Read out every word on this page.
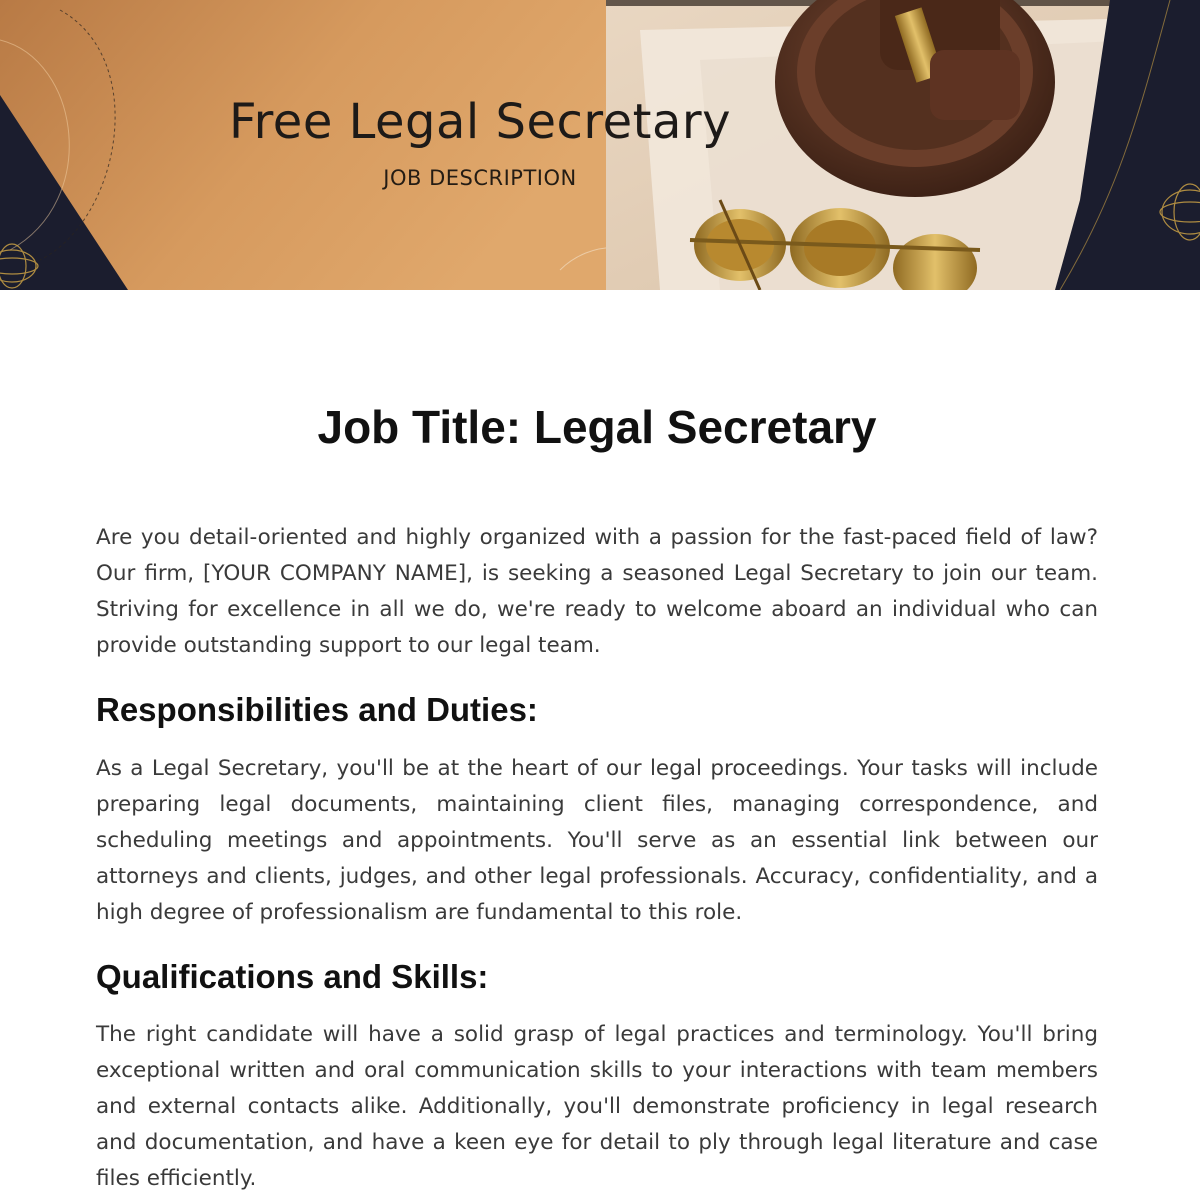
Free Legal Secretary

JOB DESCRIPTION

Job Title: Legal Secretary

Are you detail-oriented and highly organized with a passion for the fast-paced field of law? Our firm, [YOUR COMPANY NAME], is seeking a seasoned Legal Secretary to join our team. Striving for excellence in all we do, we're ready to welcome aboard an individual who can provide outstanding support to our legal team.

Responsibilities and Duties:

As a Legal Secretary, you'll be at the heart of our legal proceedings. Your tasks will include preparing legal documents, maintaining client files, managing correspondence, and scheduling meetings and appointments. You'll serve as an essential link between our attorneys and clients, judges, and other legal professionals. Accuracy, confidentiality, and a high degree of professionalism are fundamental to this role.

Qualifications and Skills:

The right candidate will have a solid grasp of legal practices and terminology. You'll bring exceptional written and oral communication skills to your interactions with team members and external contacts alike. Additionally, you'll demonstrate proficiency in legal research and documentation, and have a keen eye for detail to ply through legal literature and case files efficiently.
